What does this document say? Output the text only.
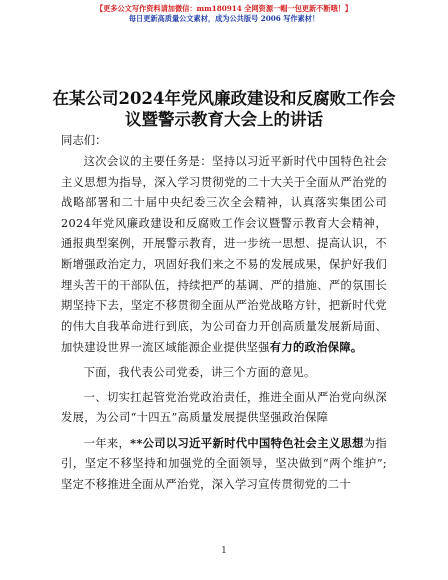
【更多公文写作资料请加微信：mm180914 全网资源一帽一包更新不断哦！】
每日更新高质量公文素材，成为公共版号 2006 写作素材！
在某公司2024年党风廉政建设和反腐败工作会
议暨警示教育大会上的讲话
同志们：

这次会议的主要任务是：坚持以习近平新时代中国特色社会主义思想为指导，深入学习贯彻党的二十大关于全面从严治党的战略部署和二十届中央纪委三次全会精神，认真落实集团公司2024年党风廉政建设和反腐败工作会议暨警示教育大会精神，通报典型案例，开展警示教育，进一步统一思想、提高认识，不断增强政治定力，巩固好我们来之不易的发展成果，保护好我们埋头苦干的干部队伍，持续把严的基调、严的措施、严的氛围长期坚持下去，坚定不移贯彻全面从严治党战略方针，把新时代党的伟大自我革命进行到底，为公司奋力开创高质量发展新局面、加快建设世界一流区域能源企业提供坚强有力的政治保障。

下面，我代表公司党委，讲三个方面的意见。

一、切实扛起管党治党政治责任，推进全面从严治党向纵深发展，为公司“十四五”高质量发展提供坚强政治保障

一年来，**公司以习近平新时代中国特色社会主义思想为指引，坚定不移坚持和加强党的全面领导，坚决做到“两个维护”;坚定不移推进全面从严治党，深入学习宣传贯彻党的二十

1
